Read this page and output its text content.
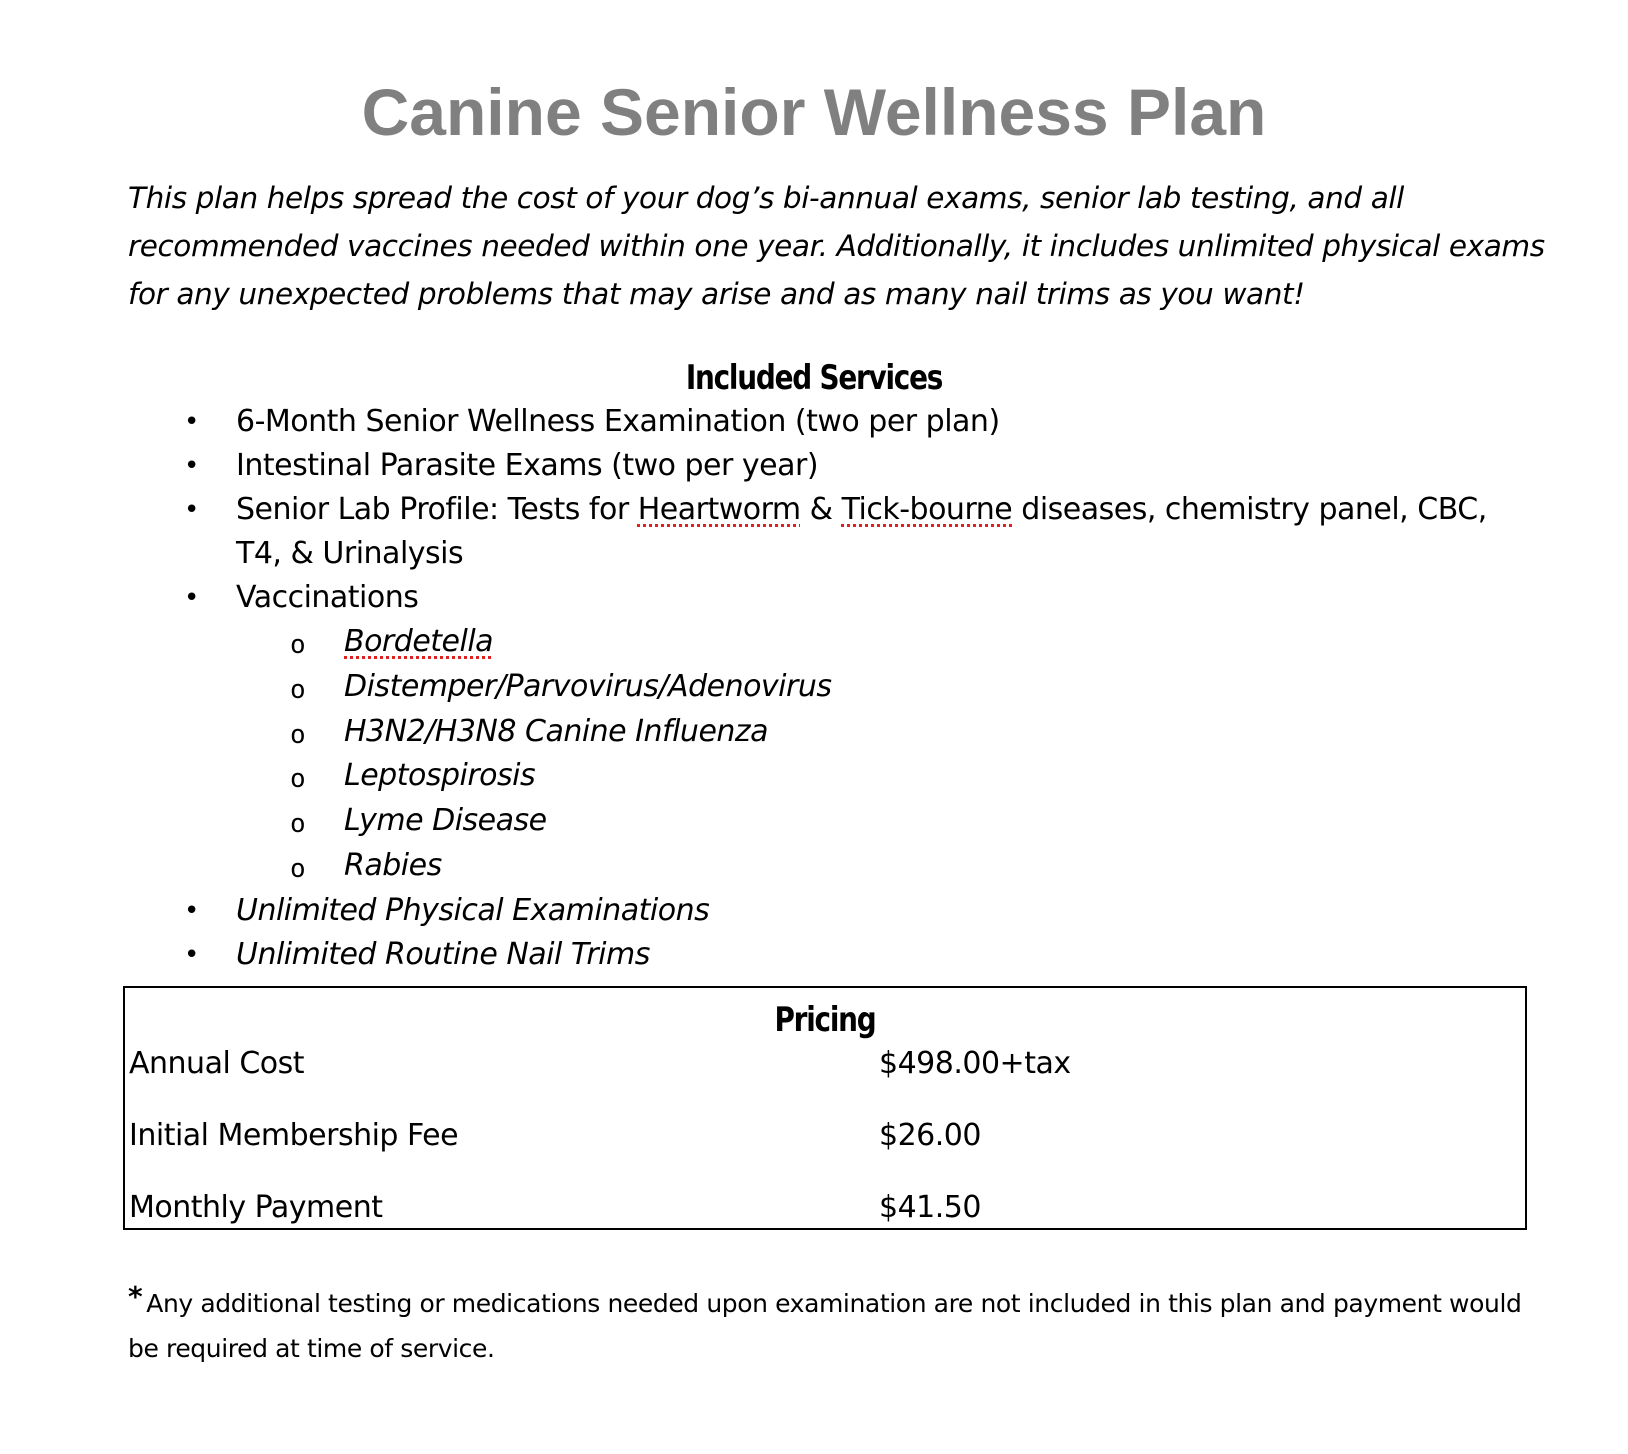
Canine Senior Wellness Plan

This plan helps spread the cost of your dog’s bi-annual exams, senior lab testing, and all recommended vaccines needed within one year. Additionally, it includes unlimited physical exams for any unexpected problems that may arise and as many nail trims as you want!

Included Services
• 6-Month Senior Wellness Examination (two per plan)
• Intestinal Parasite Exams (two per year)
• Senior Lab Profile: Tests for Heartworm & Tick-bourne diseases, chemistry panel, CBC, T4, & Urinalysis
• Vaccinations
o Bordetella
o Distemper/Parvovirus/Adenovirus
o H3N2/H3N8 Canine Influenza
o Leptospirosis
o Lyme Disease
o Rabies
• Unlimited Physical Examinations
• Unlimited Routine Nail Trims
Pricing
Annual Cost	$498.00+tax
Initial Membership Fee	$26.00
Monthly Payment	$41.50

* Any additional testing or medications needed upon examination are not included in this plan and payment would be required at time of service.
